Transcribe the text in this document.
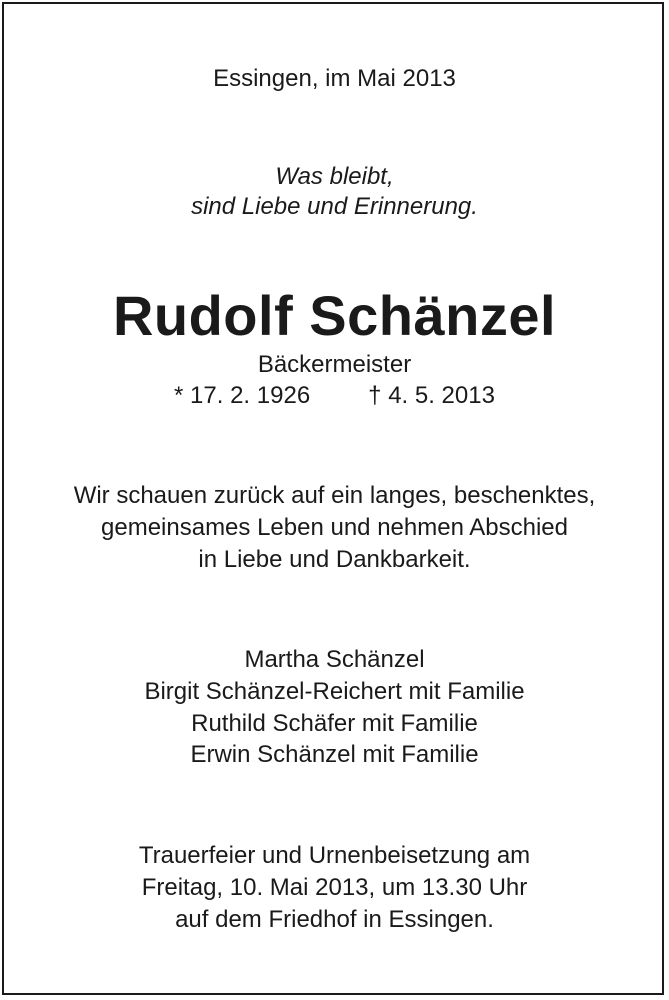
Essingen, im Mai 2013
Was bleibt,
sind Liebe und Erinnerung.
Rudolf Schänzel
Bäckermeister
* 17. 2. 1926 † 4. 5. 2013
Wir schauen zurück auf ein langes, beschenktes,
gemeinsames Leben und nehmen Abschied
in Liebe und Dankbarkeit.
Martha Schänzel
Birgit Schänzel-Reichert mit Familie
Ruthild Schäfer mit Familie
Erwin Schänzel mit Familie
Trauerfeier und Urnenbeisetzung am
Freitag, 10. Mai 2013, um 13.30 Uhr
auf dem Friedhof in Essingen.
